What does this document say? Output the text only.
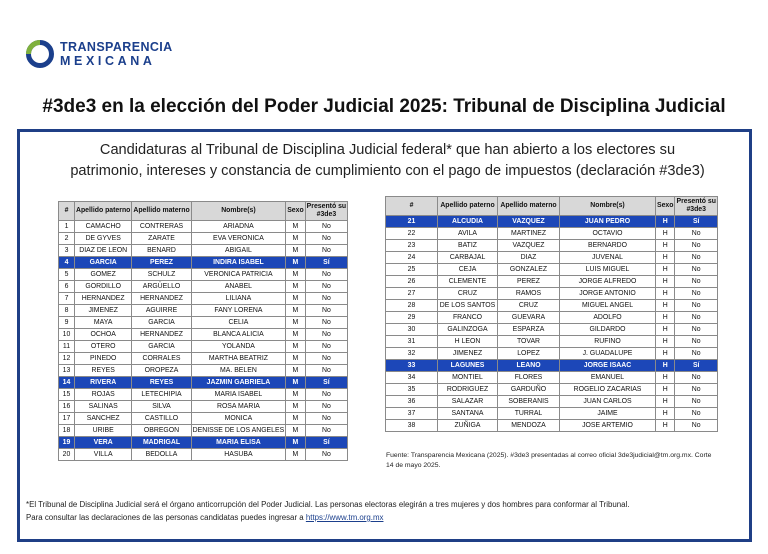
TRANSPARENCIA
MEXICANA
#3de3 en la elección del Poder Judicial 2025: Tribunal de Disciplina Judicial
Candidaturas al Tribunal de Disciplina Judicial federal* que han abierto a los electores su
patrimonio, intereses y constancia de cumplimiento con el pago de impuestos (declaración #3de3)
#	Apellido paterno	Apellido materno	Nombre(s)	Sexo	Presentó su
#3de3
1	CAMACHO	CONTRERAS	ARIADNA	M	No
2	DE GYVES	ZARATE	EVA VERONICA	M	No
3	DIAZ DE LEON	BENARD	ABIGAIL	M	No
4	GARCIA	PEREZ	INDIRA ISABEL	M	Sí
5	GOMEZ	SCHULZ	VERONICA PATRICIA	M	No
6	GORDILLO	ARGÜELLO	ANABEL	M	No
7	HERNANDEZ	HERNANDEZ	LILIANA	M	No
8	JIMENEZ	AGUIRRE	FANY LORENA	M	No
9	MAYA	GARCIA	CELIA	M	No
10	OCHOA	HERNANDEZ	BLANCA ALICIA	M	No
11	OTERO	GARCIA	YOLANDA	M	No
12	PINEDO	CORRALES	MARTHA BEATRIZ	M	No
13	REYES	OROPEZA	MA. BELEN	M	No
14	RIVERA	REYES	JAZMIN GABRIELA	M	Sí
15	ROJAS	LETECHIPIA	MARIA ISABEL	M	No
16	SALINAS	SILVA	ROSA MARIA	M	No
17	SANCHEZ	CASTILLO	MONICA	M	No
18	URIBE	OBREGON	DENISSE DE LOS ANGELES	M	No
19	VERA	MADRIGAL	MARIA ELISA	M	Sí
20	VILLA	BEDOLLA	HASUBA	M	No
#	Apellido paterno	Apellido materno	Nombre(s)	Sexo	Presentó su
#3de3
21	ALCUDIA	VAZQUEZ	JUAN PEDRO	H	Sí
22	AVILA	MARTINEZ	OCTAVIO	H	No
23	BATIZ	VAZQUEZ	BERNARDO	H	No
24	CARBAJAL	DIAZ	JUVENAL	H	No
25	CEJA	GONZALEZ	LUIS MIGUEL	H	No
26	CLEMENTE	PEREZ	JORGE ALFREDO	H	No
27	CRUZ	RAMOS	JORGE ANTONIO	H	No
28	DE LOS SANTOS	CRUZ	MIGUEL ANGEL	H	No
29	FRANCO	GUEVARA	ADOLFO	H	No
30	GALINZOGA	ESPARZA	GILDARDO	H	No
31	H LEON	TOVAR	RUFINO	H	No
32	JIMENEZ	LOPEZ	J. GUADALUPE	H	No
33	LAGUNES	LEANO	JORGE ISAAC	H	Sí
34	MONTIEL	FLORES	EMANUEL	H	No
35	RODRIGUEZ	GARDUÑO	ROGELIO ZACARIAS	H	No
36	SALAZAR	SOBERANIS	JUAN CARLOS	H	No
37	SANTANA	TURRAL	JAIME	H	No
38	ZUÑIGA	MENDOZA	JOSE ARTEMIO	H	No
Fuente: Transparencia Mexicana (2025). #3de3 presentadas al correo oficial 3de3judicial@tm.org.mx. Corte
14 de mayo 2025.
*El Tribunal de Disciplina Judicial será el órgano anticorrupción del Poder Judicial. Las personas electoras elegirán a tres mujeres y dos hombres para conformar al Tribunal.
Para consultar las declaraciones de las personas candidatas puedes ingresar a https://www.tm.org.mx
